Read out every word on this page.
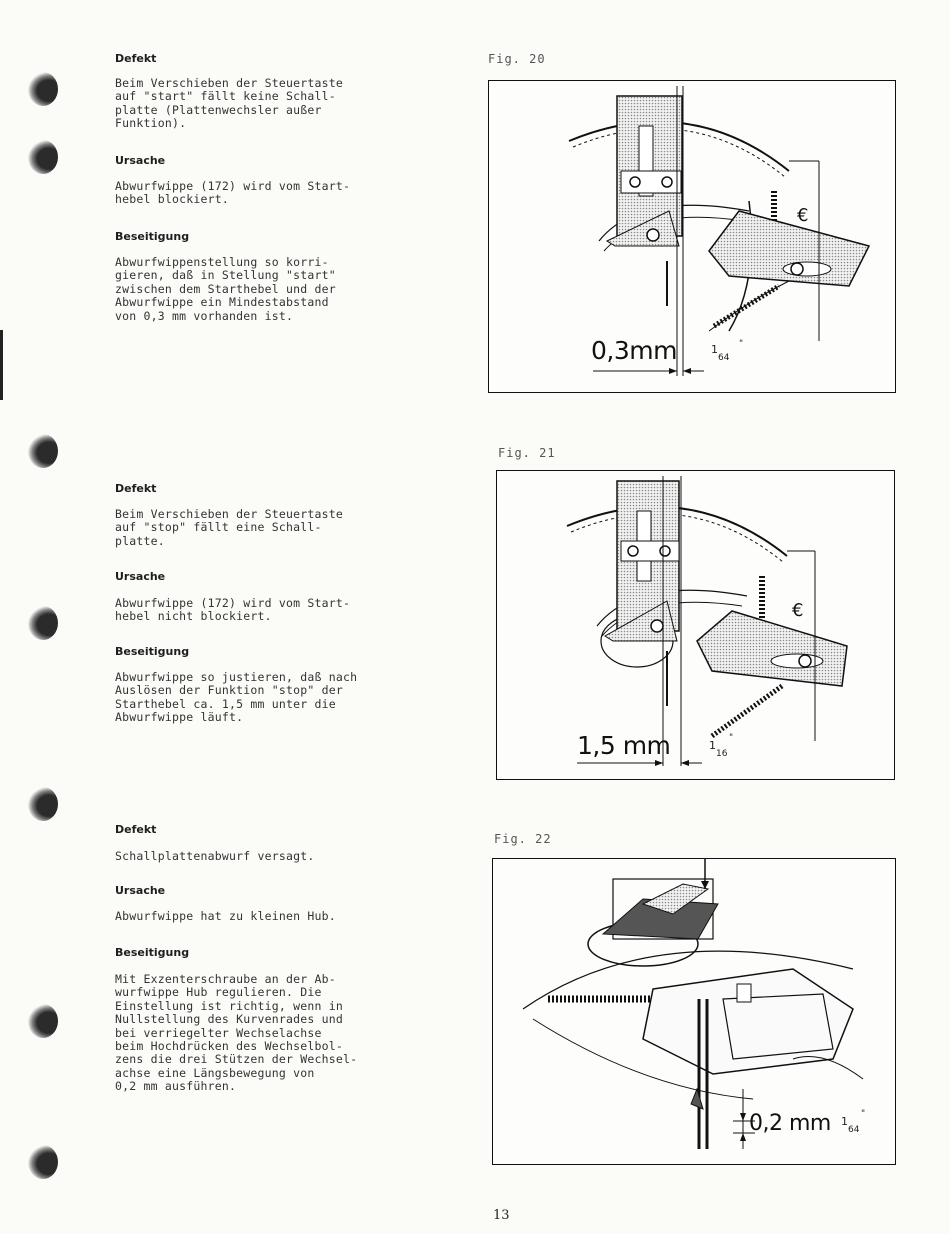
Defekt
Beim Verschieben der Steuertaste
auf "start" fällt keine Schall-
platte (Plattenwechsler außer
Funktion).
Ursache
Abwurfwippe (172) wird vom Start-
hebel blockiert.
Beseitigung
Abwurfwippenstellung so korri-
gieren, daß in Stellung "start"
zwischen dem Starthebel und der
Abwurfwippe ein Mindestabstand
von 0,3 mm vorhanden ist.
Defekt
Beim Verschieben der Steuertaste
auf "stop" fällt eine Schall-
platte.
Ursache
Abwurfwippe (172) wird vom Start-
hebel nicht blockiert.
Beseitigung
Abwurfwippe so justieren, daß nach
Auslösen der Funktion "stop" der
Starthebel ca. 1,5 mm unter die
Abwurfwippe läuft.
Defekt
Schallplattenabwurf versagt.
Ursache
Abwurfwippe hat zu kleinen Hub.
Beseitigung
Mit Exzenterschraube an der Ab-
wurfwippe Hub regulieren. Die
Einstellung ist richtig, wenn in
Nullstellung des Kurvenrades und
bei verriegelter Wechselachse
beim Hochdrücken des Wechselbol-
zens die drei Stützen der Wechsel-
achse eine Längsbewegung von
0,2 mm ausführen.
Fig. 20
€
0,3mm	1
64
"
Fig. 21
€
1,5 mm	1
16
"
Fig. 22
0,2 mm 1
64
"
13
